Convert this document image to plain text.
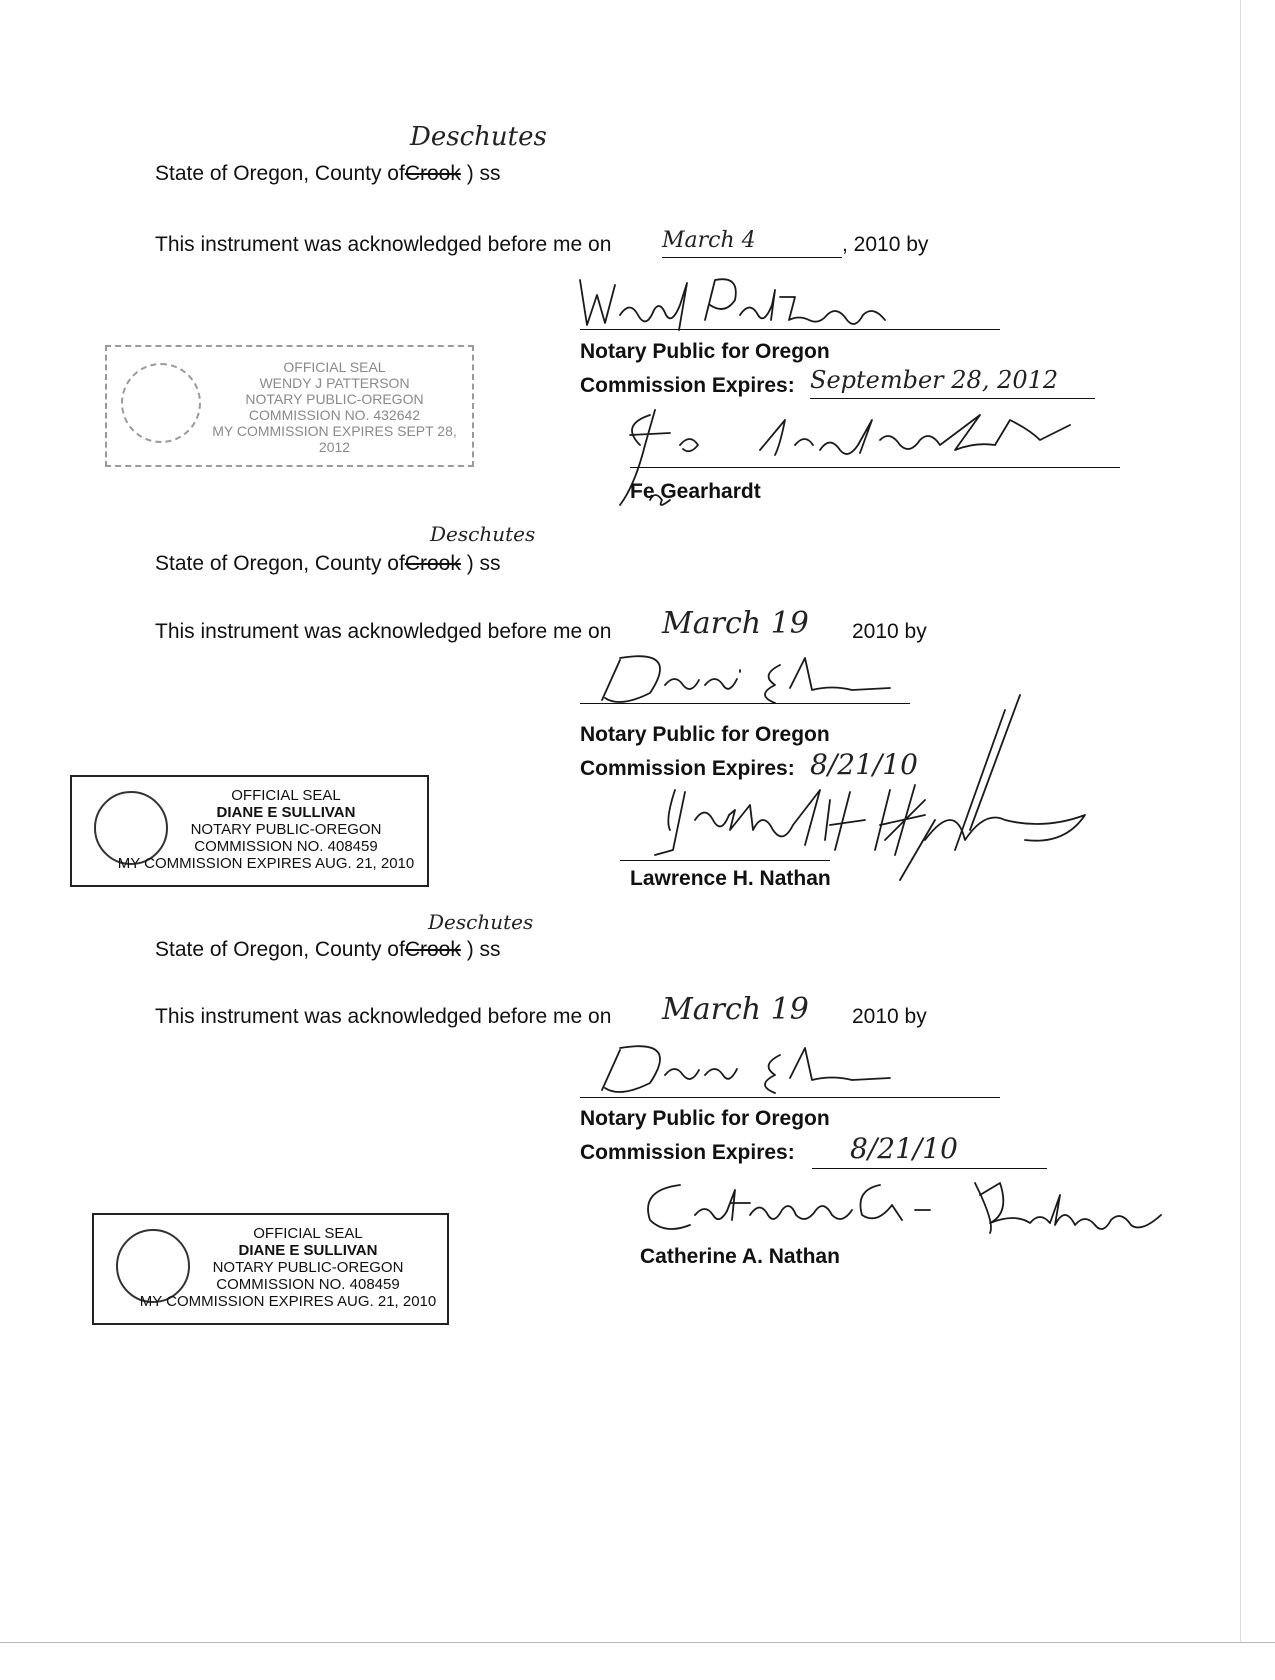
Deschutes
State of Oregon, County ofCrook ) ss
This instrument was acknowledged before me on March 4	, 2010 by
Notary Public for Oregon
Commission Expires: September 28, 2012
Fe Gearhardt
OFFICIAL SEAL
WENDY J PATTERSON
NOTARY PUBLIC-OREGON
COMMISSION NO. 432642
MY COMMISSION EXPIRES SEPT 28, 2012
Deschutes
State of Oregon, County ofCrook ) ss
This instrument was acknowledged before me on March 19 2010 by
Notary Public for Oregon
Commission Expires: 8/21/10
Lawrence H. Nathan
OFFICIAL SEAL
DIANE E SULLIVAN
NOTARY PUBLIC-OREGON
COMMISSION NO. 408459
MY COMMISSION EXPIRES AUG. 21, 2010
Deschutes
State of Oregon, County ofCrook ) ss
This instrument was acknowledged before me on March 19 2010 by
Notary Public for Oregon
Commission Expires: 8/21/10
Catherine A. Nathan
OFFICIAL SEAL
DIANE E SULLIVAN
NOTARY PUBLIC-OREGON
COMMISSION NO. 408459
MY COMMISSION EXPIRES AUG. 21, 2010
